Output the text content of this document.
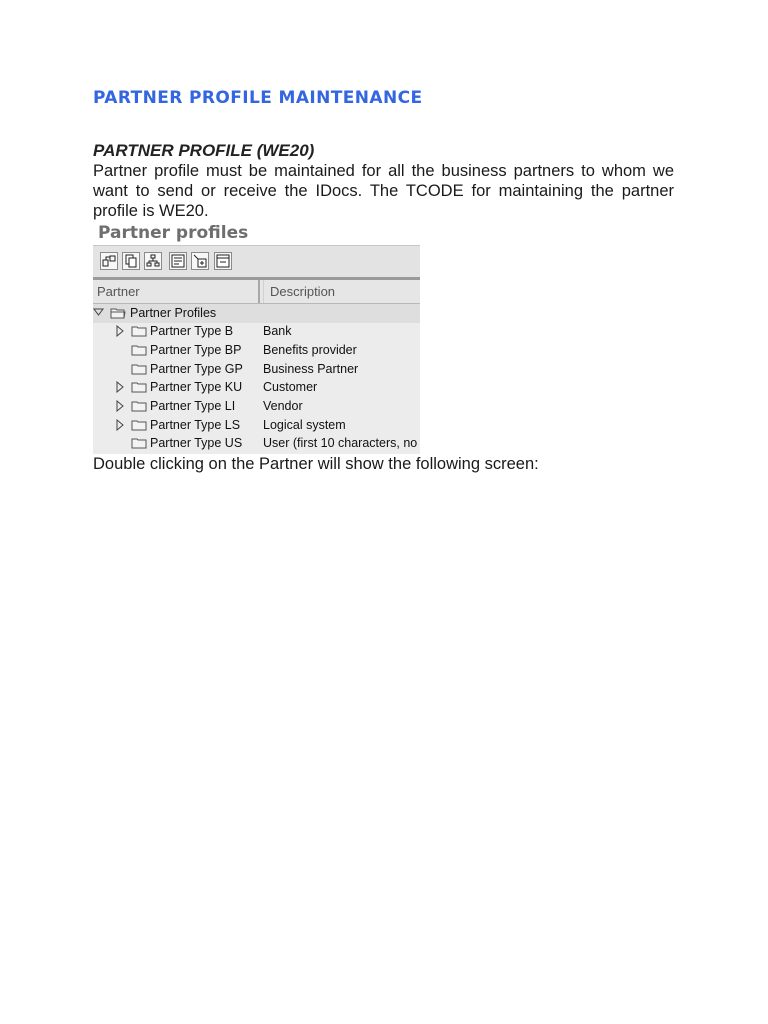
PARTNER PROFILE MAINTENANCE
PARTNER PROFILE (WE20)

Partner profile must be maintained for all the business partners to whom we want to send or receive the IDocs. The TCODE for maintaining the partner profile is WE20.

Partner profiles
Partner	Description
Partner Profiles
Partner Type B Bank
Partner Type BP Benefits provider
Partner Type GP Business Partner
Partner Type KU Customer
Partner Type LI Vendor
Partner Type LS Logical system
Partner Type US User (first 10 characters, no
Double clicking on the Partner will show the following screen:
